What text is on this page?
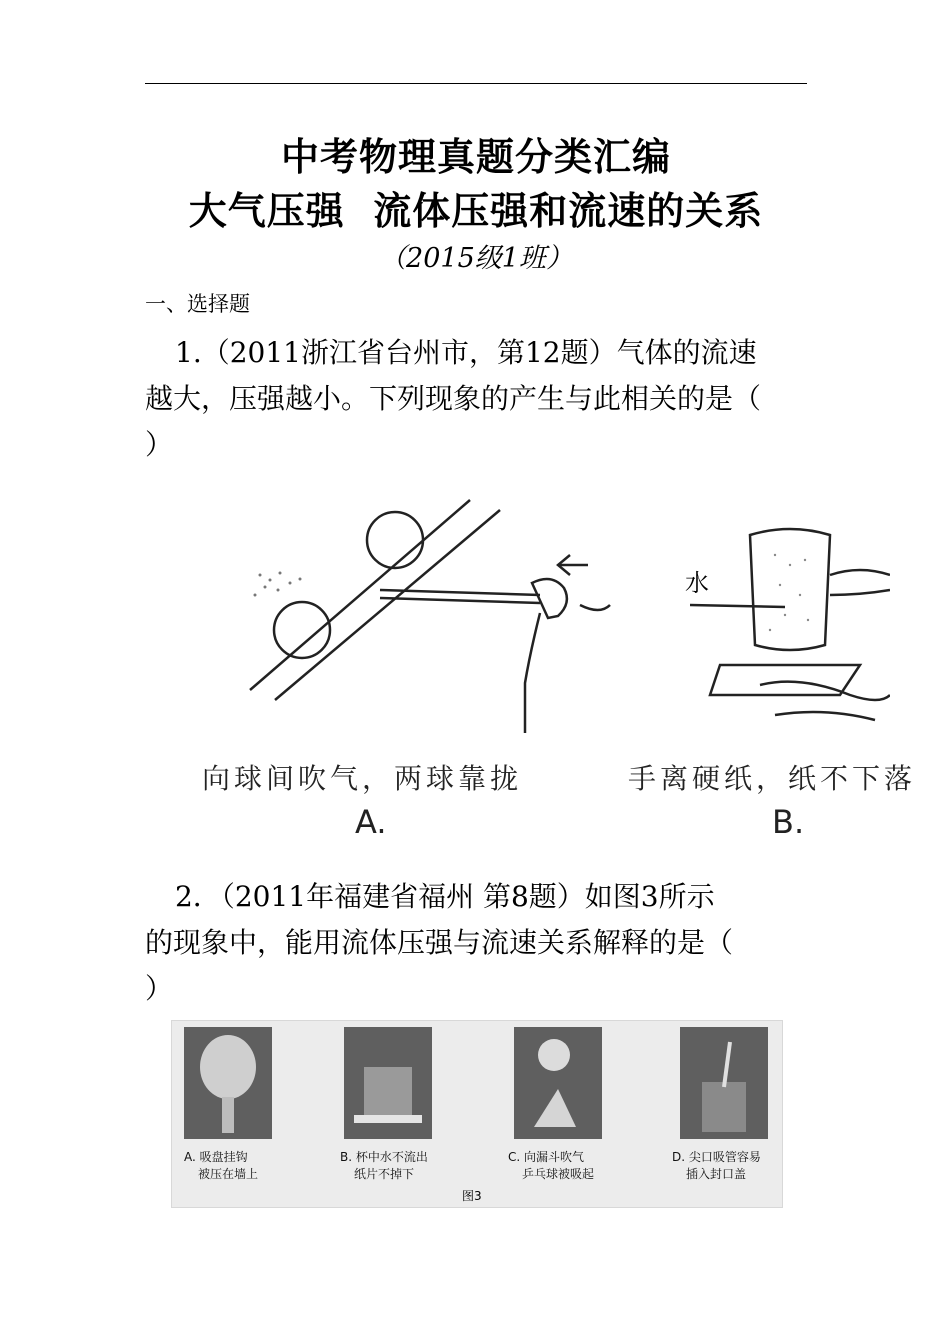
中考物理真题分类汇编
大气压强  流体压强和流速的关系
（2015级1班）
一、选择题
1.（2011浙江省台州市，第12题）气体的流速
越大，压强越小。下列现象的产生与此相关的是（
）
水
向球间吹气，两球靠拢
A.
手离硬纸，纸不下落
B.
2．（2011年福建省福州 第8题）如图3所示
的现象中，能用流体压强与流速关系解释的是（
）
A. 吸盘挂钩
被压在墙上
B. 杯中水不流出
纸片不掉下
C. 向漏斗吹气
乒乓球被吸起
D. 尖口吸管容易
插入封口盖
图3
